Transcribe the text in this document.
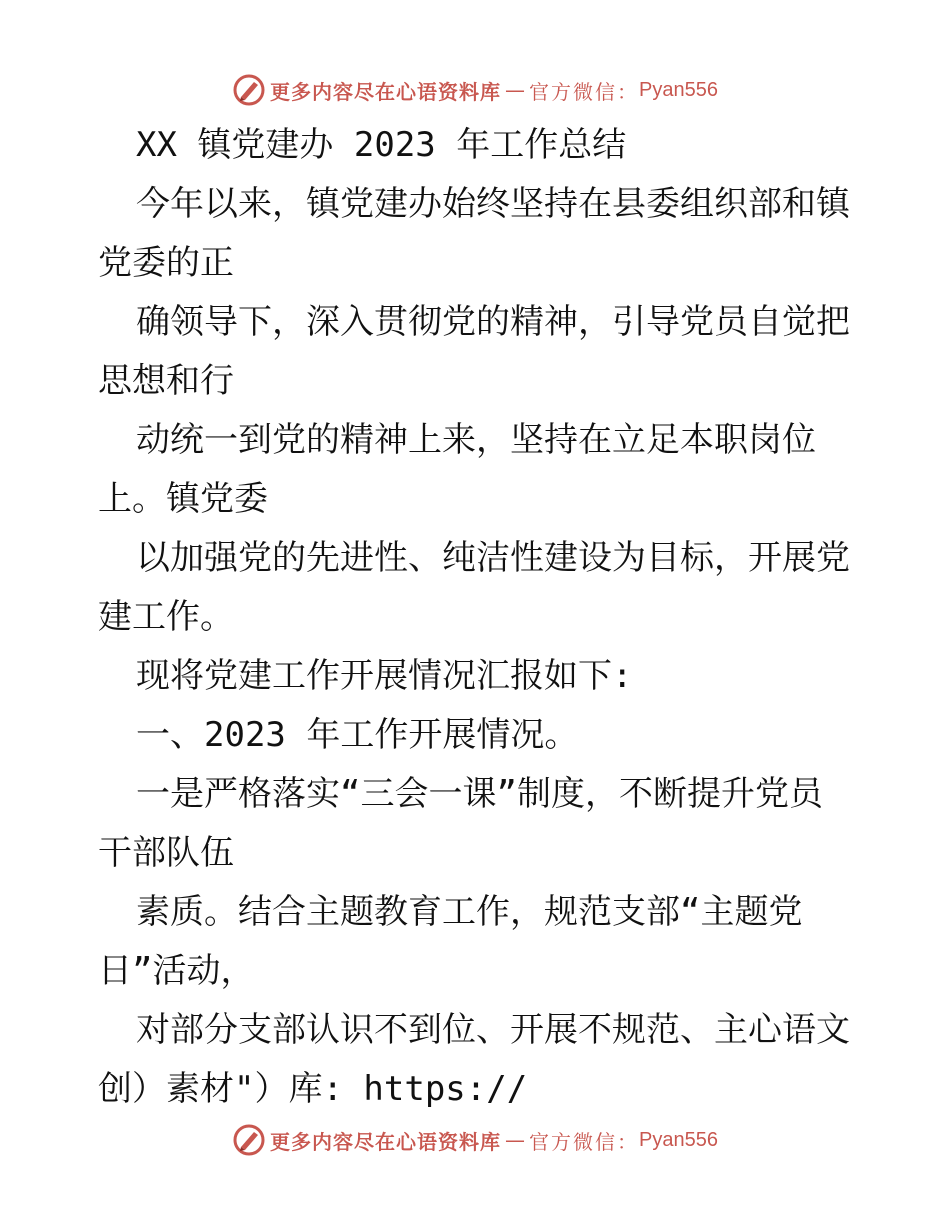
更多内容尽在心语资料库 — 官方微信： Pyan556
XX 镇党建办 2023 年工作总结
今年以来，镇党建办始终坚持在县委组织部和镇
党委的正
确领导下，深入贯彻党的精神，引导党员自觉把
思想和行
动统一到党的精神上来，坚持在立足本职岗位
上。镇党委
以加强党的先进性、纯洁性建设为目标，开展党
建工作。
现将党建工作开展情况汇报如下:
一、2023 年工作开展情况。
一是严格落实“三会一课”制度，不断提升党员
干部队伍
素质。结合主题教育工作，规范支部“主题党
日”活动，
对部分支部认识不到位、开展不规范、主心语文
创）素材"）库: https://
更多内容尽在心语资料库 — 官方微信： Pyan556
